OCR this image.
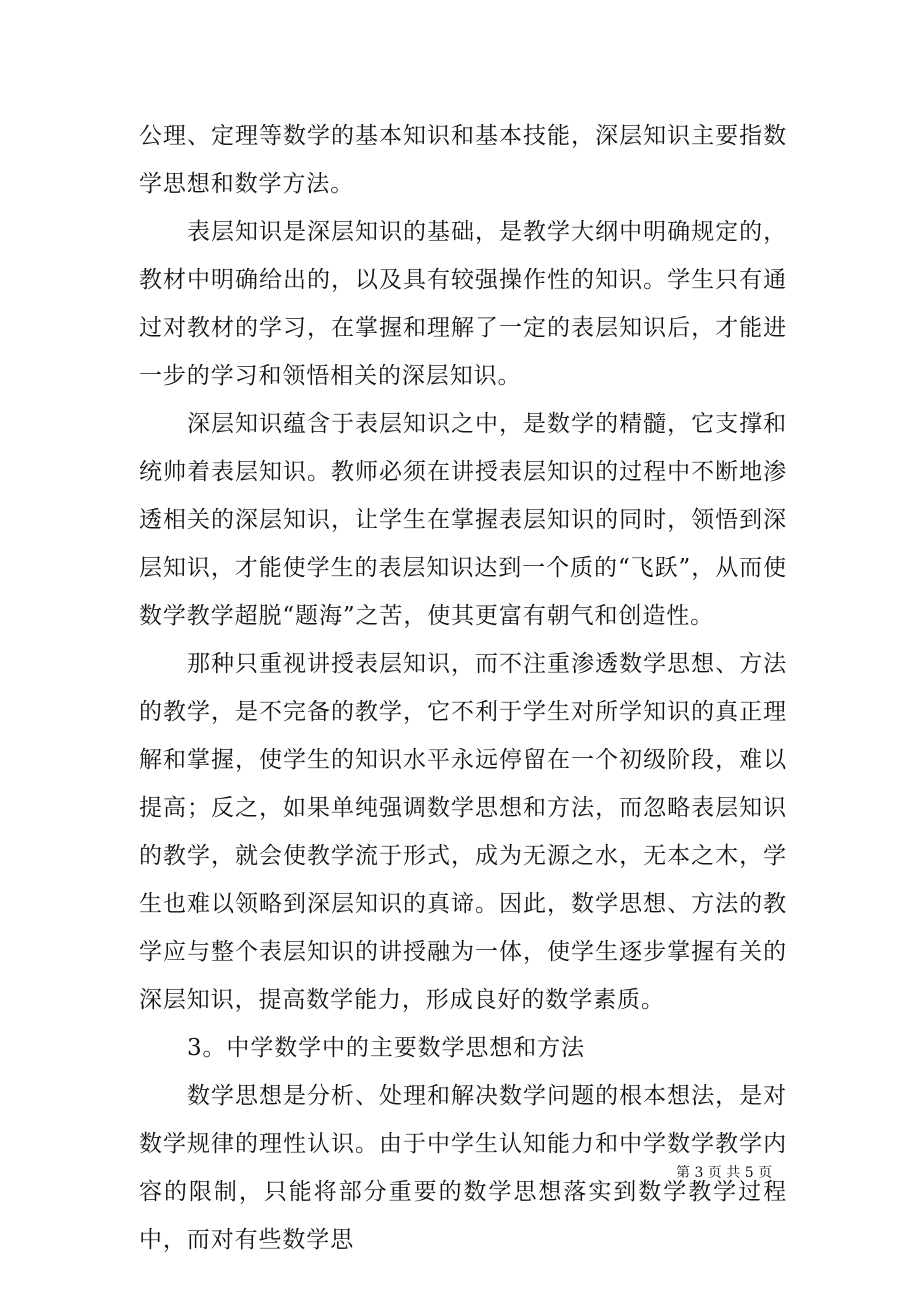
公理、定理等数学的基本知识和基本技能，深层知识主要指数学思想和数学方法。

表层知识是深层知识的基础，是教学大纲中明确规定的，教材中明确给出的，以及具有较强操作性的知识。学生只有通过对教材的学习，在掌握和理解了一定的表层知识后，才能进一步的学习和领悟相关的深层知识。

深层知识蕴含于表层知识之中，是数学的精髓，它支撑和统帅着表层知识。教师必须在讲授表层知识的过程中不断地渗透相关的深层知识，让学生在掌握表层知识的同时，领悟到深层知识，才能使学生的表层知识达到一个质的“飞跃”，从而使数学教学超脱“题海”之苦，使其更富有朝气和创造性。

那种只重视讲授表层知识，而不注重渗透数学思想、方法的教学，是不完备的教学，它不利于学生对所学知识的真正理解和掌握，使学生的知识水平永远停留在一个初级阶段，难以提高；反之，如果单纯强调数学思想和方法，而忽略表层知识的教学，就会使教学流于形式，成为无源之水，无本之木，学生也难以领略到深层知识的真谛。因此，数学思想、方法的教学应与整个表层知识的讲授融为一体，使学生逐步掌握有关的深层知识，提高数学能力，形成良好的数学素质。

3。中学数学中的主要数学思想和方法

数学思想是分析、处理和解决数学问题的根本想法，是对数学规律的理性认识。由于中学生认知能力和中学数学教学内容的限制，只能将部分重要的数学思想落实到数学教学过程中，而对有些数学思

第 3 页 共 5 页
